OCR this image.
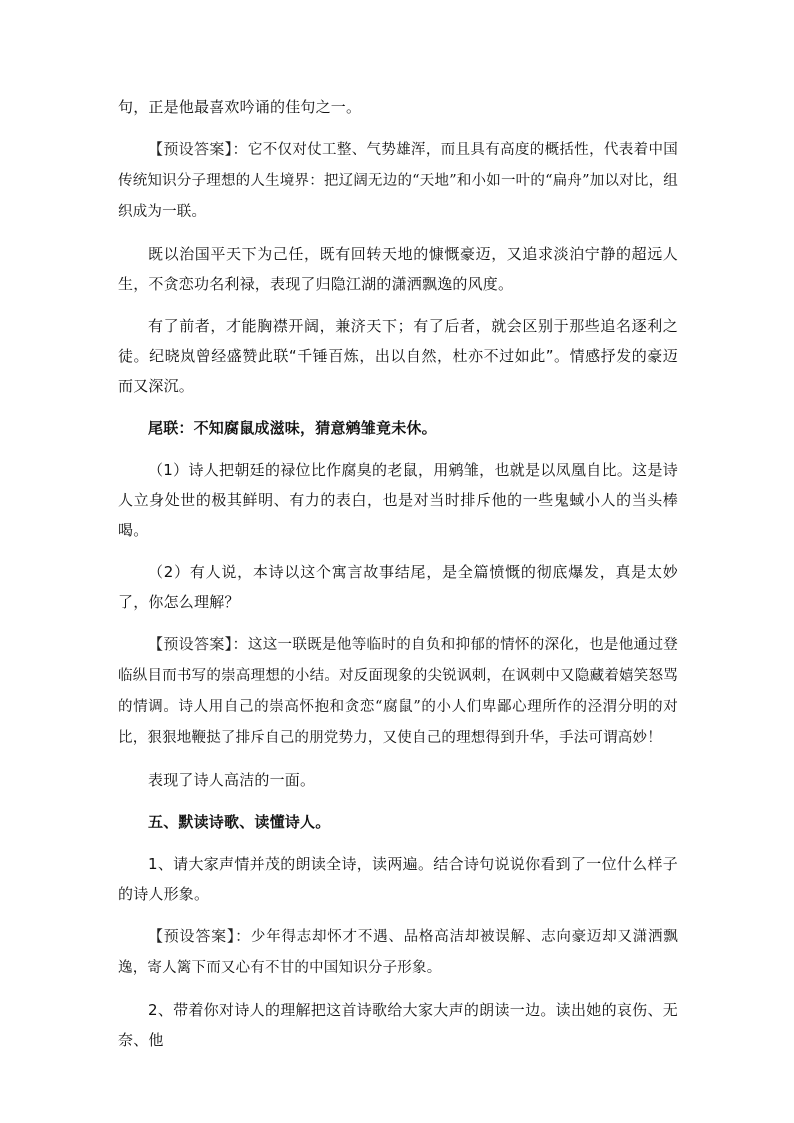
句，正是他最喜欢吟诵的佳句之一。

【预设答案】：它不仅对仗工整、气势雄浑，而且具有高度的概括性，代表着中国传统知识分子理想的人生境界：把辽阔无边的“天地”和小如一叶的“扁舟”加以对比，组织成为一联。

既以治国平天下为己任，既有回转天地的慷慨豪迈，又追求淡泊宁静的超远人生，不贪恋功名利禄，表现了归隐江湖的潇洒飘逸的风度。

有了前者，才能胸襟开阔，兼济天下；有了后者，就会区别于那些追名逐利之徒。纪晓岚曾经盛赞此联“千锤百炼，出以自然，杜亦不过如此”。情感抒发的豪迈而又深沉。

尾联：不知腐鼠成滋味，猜意鹓雏竟未休。

（1）诗人把朝廷的禄位比作腐臭的老鼠，用鹓雏，也就是以凤凰自比。这是诗人立身处世的极其鲜明、有力的表白，也是对当时排斥他的一些鬼蜮小人的当头棒喝。

（2）有人说，本诗以这个寓言故事结尾，是全篇愤慨的彻底爆发，真是太妙了，你怎么理解？

【预设答案】：这这一联既是他等临时的自负和抑郁的情怀的深化，也是他通过登临纵目而书写的崇高理想的小结。对反面现象的尖锐讽刺，在讽刺中又隐藏着嬉笑怒骂的情调。诗人用自己的崇高怀抱和贪恋“腐鼠”的小人们卑鄙心理所作的泾渭分明的对比，狠狠地鞭挞了排斥自己的朋党势力，又使自己的理想得到升华，手法可谓高妙！

表现了诗人高洁的一面。

五、默读诗歌、读懂诗人。

1、请大家声情并茂的朗读全诗，读两遍。结合诗句说说你看到了一位什么样子的诗人形象。

【预设答案】：少年得志却怀才不遇、品格高洁却被误解、志向豪迈却又潇洒飘逸，寄人篱下而又心有不甘的中国知识分子形象。

2、带着你对诗人的理解把这首诗歌给大家大声的朗读一边。读出她的哀伤、无奈、他
